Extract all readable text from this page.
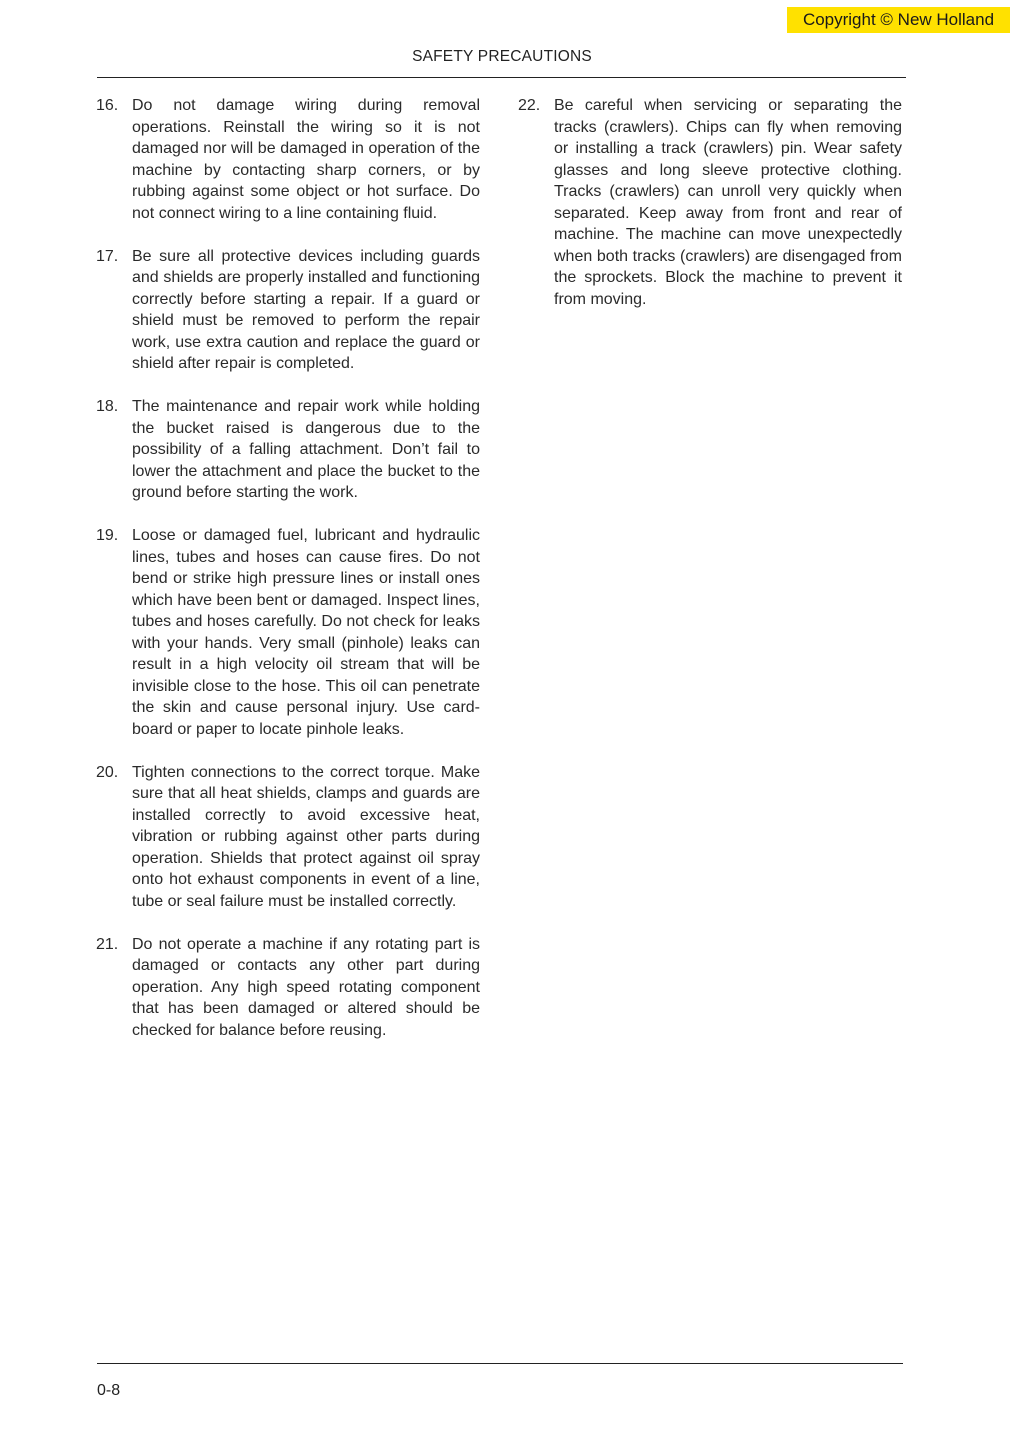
Copyright © New Holland
SAFETY PRECAUTIONS
16. Do not damage wiring during removal operations. Reinstall the wiring so it is not damaged nor will be damaged in operation of the machine by contacting sharp corners, or by rubbing against some object or hot surface. Do not connect wiring to a line containing fluid.
17. Be sure all protective devices including guards and shields are properly installed and functioning correctly before starting a repair. If a guard or shield must be removed to perform the repair work, use extra caution and replace the guard or shield after repair is completed.
18. The maintenance and repair work while holding the bucket raised is dangerous due to the possibility of a falling attachment. Don’t fail to lower the attachment and place the bucket to the ground before starting the work.
19. Loose or damaged fuel, lubricant and hydraulic lines, tubes and hoses can cause fires. Do not bend or strike high pressure lines or install ones which have been bent or damaged. Inspect lines, tubes and hoses carefully. Do not check for leaks with your hands. Very small (pinhole) leaks can result in a high velocity oil stream that will be invisible close to the hose. This oil can penetrate the skin and cause personal injury. Use card-board or paper to locate pinhole leaks.
20. Tighten connections to the correct torque. Make sure that all heat shields, clamps and guards are installed correctly to avoid excessive heat, vibration or rubbing against other parts during operation. Shields that protect against oil spray onto hot exhaust components in event of a line, tube or seal failure must be installed correctly.
21. Do not operate a machine if any rotating part is damaged or contacts any other part during operation. Any high speed rotating component that has been damaged or altered should be checked for balance before reusing.
22. Be careful when servicing or separating the tracks (crawlers). Chips can fly when removing or installing a track (crawlers) pin. Wear safety glasses and long sleeve protective clothing. Tracks (crawlers) can unroll very quickly when separated. Keep away from front and rear of machine. The machine can move unexpectedly when both tracks (crawlers) are disengaged from the sprockets. Block the machine to prevent it from moving.
0-8
